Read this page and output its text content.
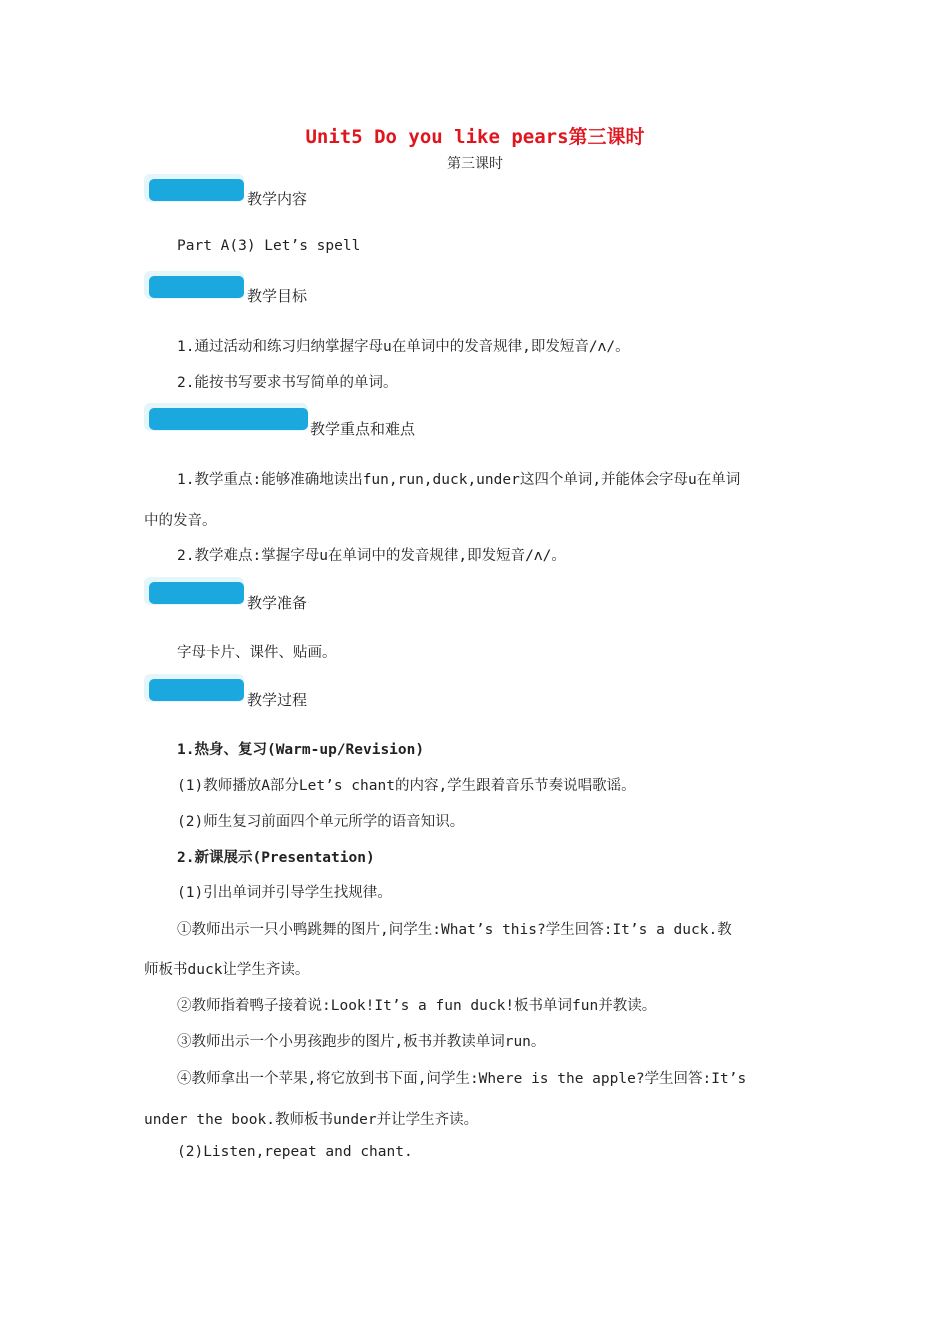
Unit5 Do you like pears第三课时
第三课时
教学内容
Part A(3) Let’s spell
教学目标
1.通过活动和练习归纳掌握字母u在单词中的发音规律,即发短音/ʌ/。
2.能按书写要求书写简单的单词。
教学重点和难点
1.教学重点:能够准确地读出fun,run,duck,under这四个单词,并能体会字母u在单词
中的发音。
2.教学难点:掌握字母u在单词中的发音规律,即发短音/ʌ/。
教学准备
字母卡片、课件、贴画。
教学过程
1.热身、复习(Warm-up/Revision)
(1)教师播放A部分Let’s chant的内容,学生跟着音乐节奏说唱歌谣。
(2)师生复习前面四个单元所学的语音知识。
2.新课展示(Presentation)
(1)引出单词并引导学生找规律。
①教师出示一只小鸭跳舞的图片,问学生:What’s this?学生回答:It’s a duck.教
师板书duck让学生齐读。
②教师指着鸭子接着说:Look!It’s a fun duck!板书单词fun并教读。
③教师出示一个小男孩跑步的图片,板书并教读单词run。
④教师拿出一个苹果,将它放到书下面,问学生:Where is the apple?学生回答:It’s
under the book.教师板书under并让学生齐读。
(2)Listen,repeat and chant.
